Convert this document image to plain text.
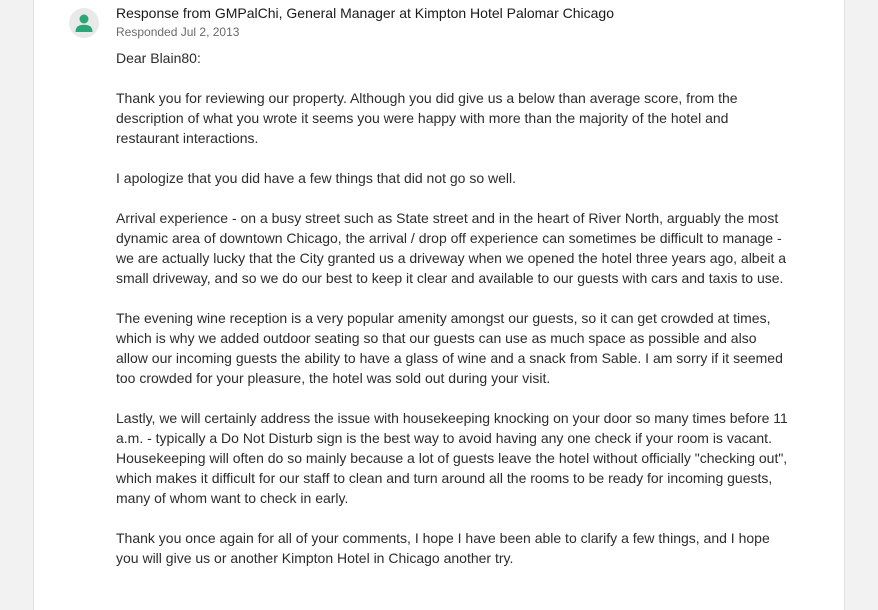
Response from GMPalChi, General Manager at Kimpton Hotel Palomar Chicago
Responded Jul 2, 2013

Dear Blain80:

Thank you for reviewing our property. Although you did give us a below than average score, from the description of what you wrote it seems you were happy with more than the majority of the hotel and restaurant interactions.

I apologize that you did have a few things that did not go so well.

Arrival experience - on a busy street such as State street and in the heart of River North, arguably the most dynamic area of downtown Chicago, the arrival / drop off experience can sometimes be difficult to manage - we are actually lucky that the City granted us a driveway when we opened the hotel three years ago, albeit a small driveway, and so we do our best to keep it clear and available to our guests with cars and taxis to use.

The evening wine reception is a very popular amenity amongst our guests, so it can get crowded at times, which is why we added outdoor seating so that our guests can use as much space as possible and also allow our incoming guests the ability to have a glass of wine and a snack from Sable. I am sorry if it seemed too crowded for your pleasure, the hotel was sold out during your visit.

Lastly, we will certainly address the issue with housekeeping knocking on your door so many times before 11 a.m. - typically a Do Not Disturb sign is the best way to avoid having any one check if your room is vacant. Housekeeping will often do so mainly because a lot of guests leave the hotel without officially "checking out", which makes it difficult for our staff to clean and turn around all the rooms to be ready for incoming guests, many of whom want to check in early.

Thank you once again for all of your comments, I hope I have been able to clarify a few things, and I hope you will give us or another Kimpton Hotel in Chicago another try.
